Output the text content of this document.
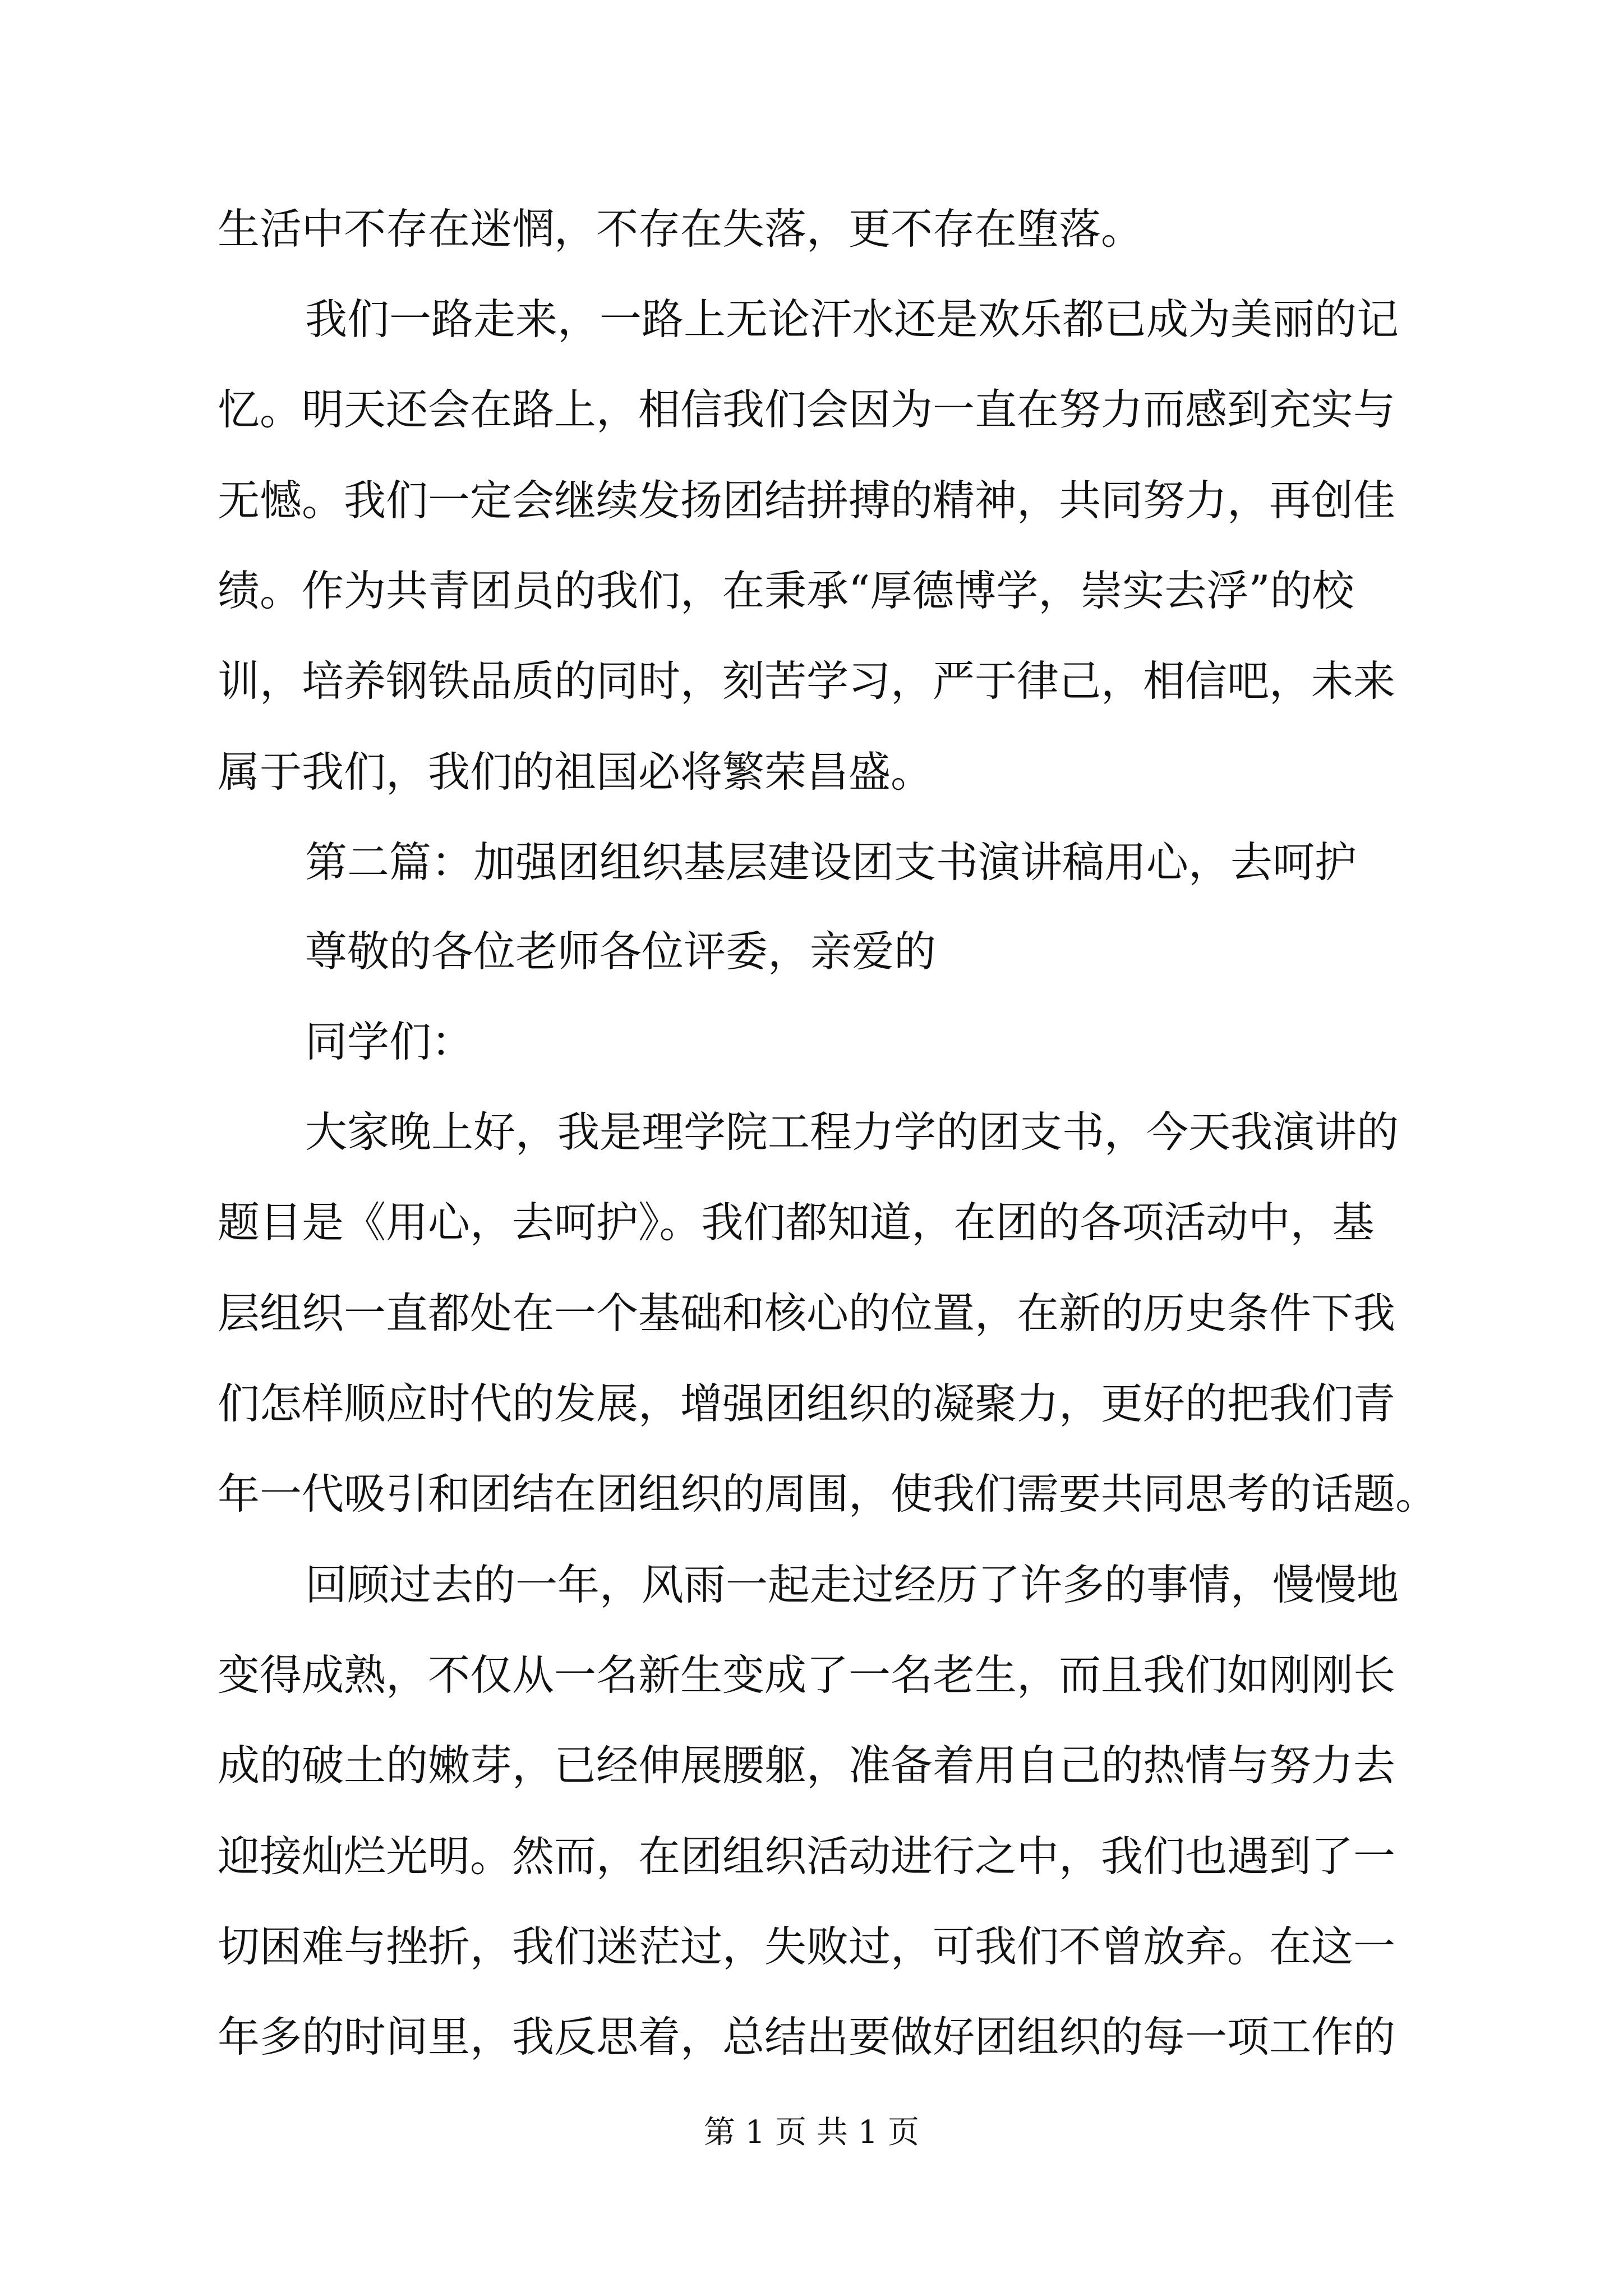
生活中不存在迷惘，不存在失落，更不存在堕落。

我们一路走来，一路上无论汗水还是欢乐都已成为美丽的记

忆。明天还会在路上，相信我们会因为一直在努力而感到充实与

无憾。我们一定会继续发扬团结拼搏的精神，共同努力，再创佳

绩。作为共青团员的我们，在秉承“厚德博学，崇实去浮”的校

训，培养钢铁品质的同时，刻苦学习，严于律己，相信吧，未来

属于我们，我们的祖国必将繁荣昌盛。

第二篇：加强团组织基层建设团支书演讲稿用心，去呵护

尊敬的各位老师各位评委，亲爱的

同学们：

大家晚上好，我是理学院工程力学的团支书，今天我演讲的

题目是《用心，去呵护》。我们都知道，在团的各项活动中，基

层组织一直都处在一个基础和核心的位置，在新的历史条件下我

们怎样顺应时代的发展，增强团组织的凝聚力，更好的把我们青

年一代吸引和团结在团组织的周围，使我们需要共同思考的话题。

回顾过去的一年，风雨一起走过经历了许多的事情，慢慢地

变得成熟，不仅从一名新生变成了一名老生，而且我们如刚刚长

成的破土的嫩芽，已经伸展腰躯，准备着用自己的热情与努力去

迎接灿烂光明。然而，在团组织活动进行之中，我们也遇到了一

切困难与挫折，我们迷茫过，失败过，可我们不曾放弃。在这一

年多的时间里，我反思着，总结出要做好团组织的每一项工作的

第 1 页 共 1 页
